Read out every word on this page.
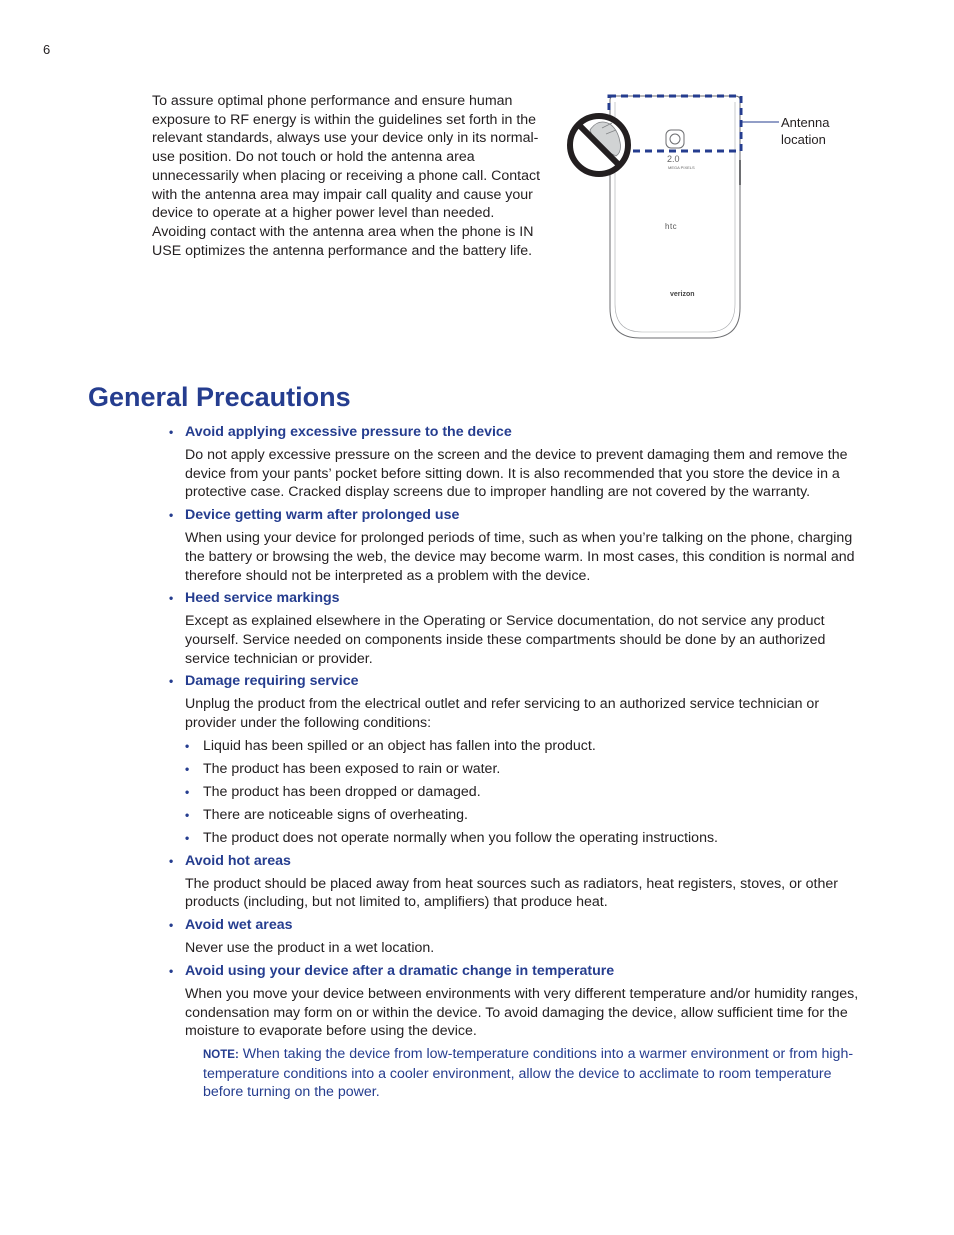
6

To assure optimal phone performance and ensure human exposure to RF energy is within the guidelines set forth in the relevant standards, always use your device only in its normal-use position. Do not touch or hold the antenna area unnecessarily when placing or receiving a phone call. Contact with the antenna area may impair call quality and cause your device to operate at a higher power level than needed. Avoiding contact with the antenna area when the phone is IN USE optimizes the antenna performance and the battery life.

2.0
MEGA PIXELS
htc
verizon
Antenna location
General Precautions

• Avoid applying excessive pressure to the device

Do not apply excessive pressure on the screen and the device to prevent damaging them and remove the device from your pants’ pocket before sitting down. It is also recommended that you store the device in a protective case. Cracked display screens due to improper handling are not covered by the warranty.

• Device getting warm after prolonged use

When using your device for prolonged periods of time, such as when you’re talking on the phone, charging the battery or browsing the web, the device may become warm. In most cases, this condition is normal and therefore should not be interpreted as a problem with the device.

• Heed service markings

Except as explained elsewhere in the Operating or Service documentation, do not service any product yourself. Service needed on components inside these compartments should be done by an authorized service technician or provider.

• Damage requiring service

Unplug the product from the electrical outlet and refer servicing to an authorized service technician or provider under the following conditions:

• Liquid has been spilled or an object has fallen into the product.
• The product has been exposed to rain or water.
• The product has been dropped or damaged.
• There are noticeable signs of overheating.
• The product does not operate normally when you follow the operating instructions.

• Avoid hot areas

The product should be placed away from heat sources such as radiators, heat registers, stoves, or other products (including, but not limited to, amplifiers) that produce heat.

• Avoid wet areas

Never use the product in a wet location.

• Avoid using your device after a dramatic change in temperature

When you move your device between environments with very different temperature and/or humidity ranges, condensation may form on or within the device. To avoid damaging the device, allow sufficient time for the moisture to evaporate before using the device.

NOTE: When taking the device from low-temperature conditions into a warmer environment or from high-temperature conditions into a cooler environment, allow the device to acclimate to room temperature before turning on the power.
